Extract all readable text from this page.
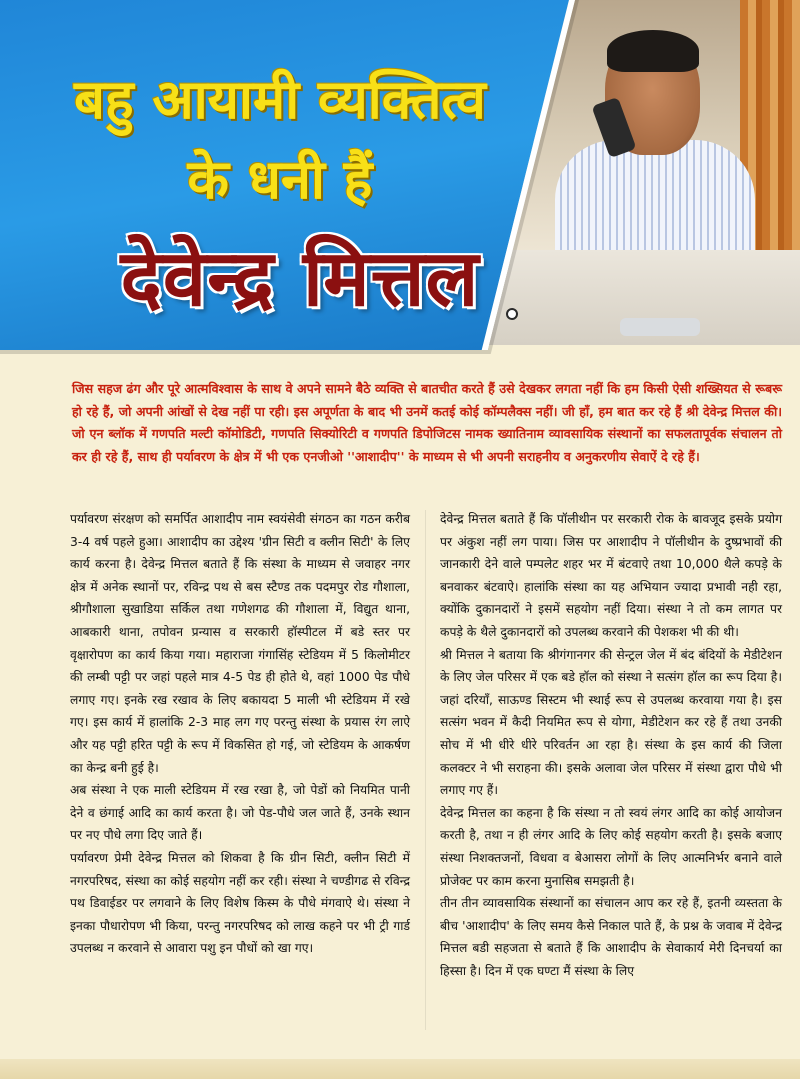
बहु आयामी व्यक्तित्व
के धनी हैं
देवेन्द्र मित्तल

जिस सहज ढंग और पूरे आत्मविश्वास के साथ वे अपने सामने बैठे व्यक्ति से बातचीत करते हैं उसे देखकर लगता नहीं कि हम किसी ऐसी शख्सियत से रूबरू हो रहे हैं, जो अपनी आंखों से देख नहीं पा रही। इस अपूर्णता के बाद भी उनमें कतई कोई कॉम्पलैक्स नहीं। जी हाँ, हम बात कर रहे हैं श्री देवेन्द्र मित्तल की। जो एन ब्लॉक में गणपति मल्टी कॉमोडिटी, गणपति सिक्योरिटी व गणपति डिपोजिटस नामक ख्यातिनाम व्यावसायिक संस्थानों का सफलतापूर्वक संचालन तो कर ही रहे हैं, साथ ही पर्यावरण के क्षेत्र में भी एक एनजीओ ''आशादीप'' के माध्यम से भी अपनी सराहनीय व अनुकरणीय सेवाऐं दे रहे हैं।

पर्यावरण संरक्षण को समर्पित आशादीप नाम स्वयंसेवी संगठन का गठन करीब 3-4 वर्ष पहले हुआ। आशादीप का उद्देश्य 'ग्रीन सिटी व क्लीन सिटी' के लिए कार्य करना है। देवेन्द्र मित्तल बताते हैं कि संस्था के माध्यम से जवाहर नगर क्षेत्र में अनेक स्थानों पर, रविन्द्र पथ से बस स्टैण्ड तक पदमपुर रोड गौशाला, श्रीगौशाला सुखाडिया सर्किल तथा गणेशगढ की गौशाला में, विद्युत थाना, आबकारी थाना, तपोवन प्रन्यास व सरकारी हॉस्पीटल में बडे स्तर पर वृक्षारोपण का कार्य किया गया। महाराजा गंगासिंह स्टेडियम में 5 किलोमीटर की लम्बी पट्टी पर जहां पहले मात्र 4-5 पेड ही होते थे, वहां 1000 पेड पौधे लगाए गए। इनके रख रखाव के लिए बकायदा 5 माली भी स्टेडियम में रखे गए। इस कार्य में हालांकि 2-3 माह लग गए परन्तु संस्था के प्रयास रंग लाऐ और यह पट्टी हरित पट्टी के रूप में विकसित हो गई, जो स्टेडियम के आकर्षण का केन्द्र बनी हुई है।

अब संस्था ने एक माली स्टेडियम में रख रखा है, जो पेडों को नियमित पानी देने व छंगाई आदि का कार्य करता है। जो पेड-पौधे जल जाते हैं, उनके स्थान पर नए पौधे लगा दिए जाते हैं।

पर्यावरण प्रेमी देवेन्द्र मित्तल को शिकवा है कि ग्रीन सिटी, क्लीन सिटी में नगरपरिषद, संस्था का कोई सहयोग नहीं कर रही। संस्था ने चण्डीगढ से रविन्द्र पथ डिवाईडर पर लगवाने के लिए विशेष किस्म के पौधे मंगवाऐ थे। संस्था ने इनका पौधारोपण भी किया, परन्तु नगरपरिषद को लाख कहने पर भी ट्री गार्ड उपलब्ध न करवाने से आवारा पशु इन पौधों को खा गए।

देवेन्द्र मित्तल बताते हैं कि पॉलीथीन पर सरकारी रोक के बावजूद इसके प्रयोग पर अंकुश नहीं लग पाया। जिस पर आशादीप ने पॉलीथीन के दुष्प्रभावों की जानकारी देने वाले पम्पलेट शहर भर में बंटवाऐ तथा 10,000 थैले कपड़े के बनवाकर बंटवाऐ। हालांकि संस्था का यह अभियान ज्यादा प्रभावी नही रहा, क्योंकि दुकानदारों ने इसमें सहयोग नहीं दिया। संस्था ने तो कम लागत पर कपड़े के थैले दुकानदारों को उपलब्ध करवाने की पेशकश भी की थी।

श्री मित्तल ने बताया कि श्रीगंगानगर की सेन्ट्रल जेल में बंद बंदियों के मेडीटेशन के लिए जेल परिसर में एक बडे हॉल को संस्था ने सत्संग हॉल का रूप दिया है। जहां दरियॉं, साऊण्ड सिस्टम भी स्थाई रूप से उपलब्ध करवाया गया है। इस सत्संग भवन में कैदी नियमित रूप से योगा, मेडीटेशन कर रहे हैं तथा उनकी सोच में भी धीरे धीरे परिवर्तन आ रहा है। संस्था के इस कार्य की जिला कलक्टर ने भी सराहना की। इसके अलावा जेल परिसर में संस्था द्वारा पौधे भी लगाए गए हैं।

देवेन्द्र मित्तल का कहना है कि संस्था न तो स्वयं लंगर आदि का कोई आयोजन करती है, तथा न ही लंगर आदि के लिए कोई सहयोग करती है। इसके बजाए संस्था निशक्तजनों, विधवा व बेआसरा लोगों के लिए आत्मनिर्भर बनाने वाले प्रोजेक्ट पर काम करना मुनासिब समझती है।

तीन तीन व्यावसायिक संस्थानों का संचालन आप कर रहे हैं, इतनी व्यस्तता के बीच 'आशादीप' के लिए समय कैसे निकाल पाते हैं, के प्रश्न के जवाब में देवेन्द्र मित्तल बडी सहजता से बताते हैं कि आशादीप के सेवाकार्य मेरी दिनचर्या का हिस्सा है। दिन में एक घण्टा मैं संस्था के लिए
